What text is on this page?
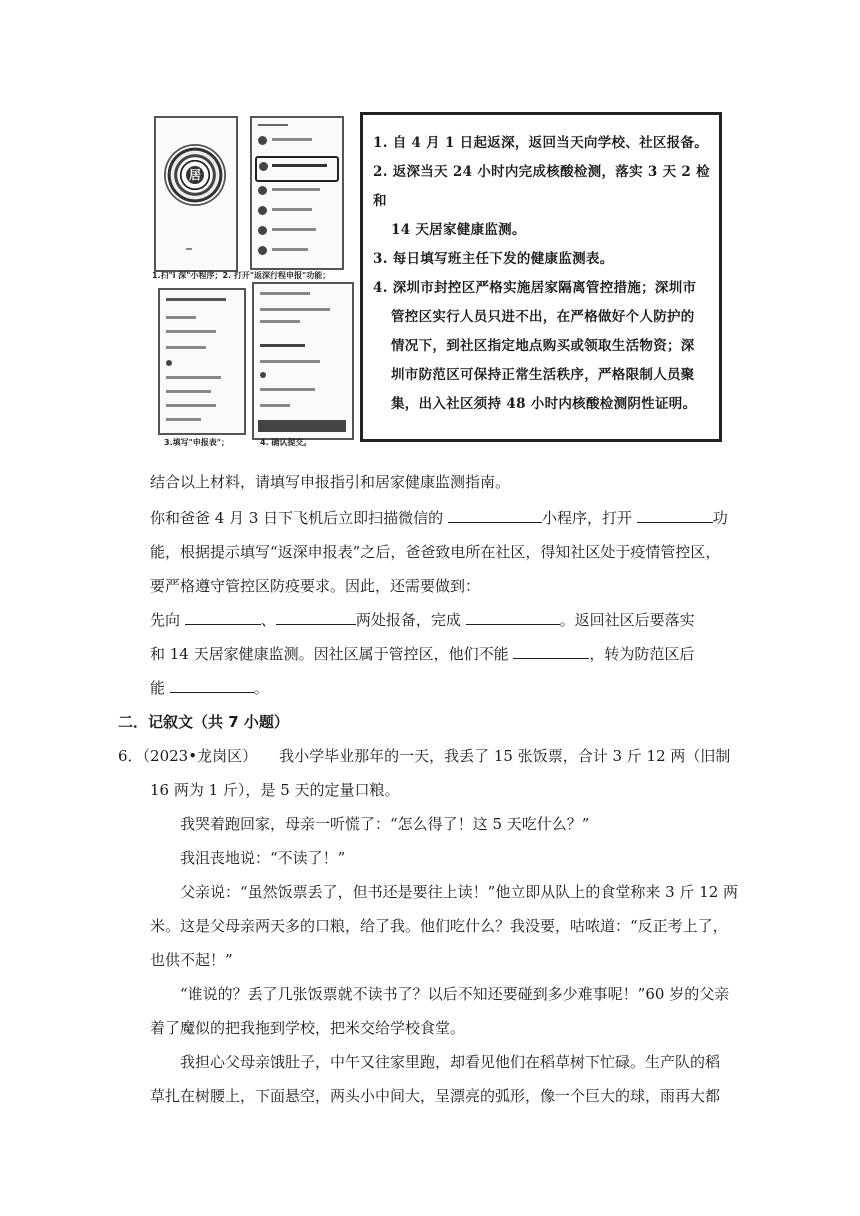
居
1.扫"i 深"小程序；2. 打开"返深行程申报"功能；
3.填写"申报表"；	4. 确认提交。

1. 自 4 月 1 日起返深，返回当天向学校、社区报备。

2. 返深当天 24 小时内完成核酸检测，落实 3 天 2 检和

14 天居家健康监测。

3. 每日填写班主任下发的健康监测表。

4. 深圳市封控区严格实施居家隔离管控措施；深圳市

管控区实行人员只进不出，在严格做好个人防护的

情况下，到社区指定地点购买或领取生活物资；深

圳市防范区可保持正常生活秩序，严格限制人员聚

集，出入社区须持 48 小时内核酸检测阴性证明。

结合以上材料，请填写申报指引和居家健康监测指南。
你和爸爸 4 月 3 日下飞机后立即扫描微信的	小程序，打开	功
能，根据提示填写“返深申报表”之后，爸爸致电所在社区，得知社区处于疫情管控区，
要严格遵守管控区防疫要求。因此，还需要做到：
先向	、	两处报备，完成	。返回社区后要落实
和 14 天居家健康监测。因社区属于管控区，他们不能	，转为防范区后
能	。
二．记叙文（共 7 小题）
6．（2023•龙岗区） 我小学毕业那年的一天，我丢了 15 张饭票，合计 3 斤 12 两（旧制
16 两为 1 斤），是 5 天的定量口粮。
我哭着跑回家，母亲一听慌了：“怎么得了！这 5 天吃什么？”
我沮丧地说：“不读了！”
父亲说：“虽然饭票丢了，但书还是要往上读！”他立即从队上的食堂称来 3 斤 12 两
米。这是父母亲两天多的口粮，给了我。他们吃什么？我没要，咕哝道：“反正考上了，
也供不起！”
“谁说的？丢了几张饭票就不读书了？以后不知还要碰到多少难事呢！”60 岁的父亲
着了魔似的把我拖到学校，把米交给学校食堂。
我担心父母亲饿肚子，中午又往家里跑，却看见他们在稻草树下忙碌。生产队的稻
草扎在树腰上，下面悬空，两头小中间大，呈漂亮的弧形，像一个巨大的球，雨再大都
